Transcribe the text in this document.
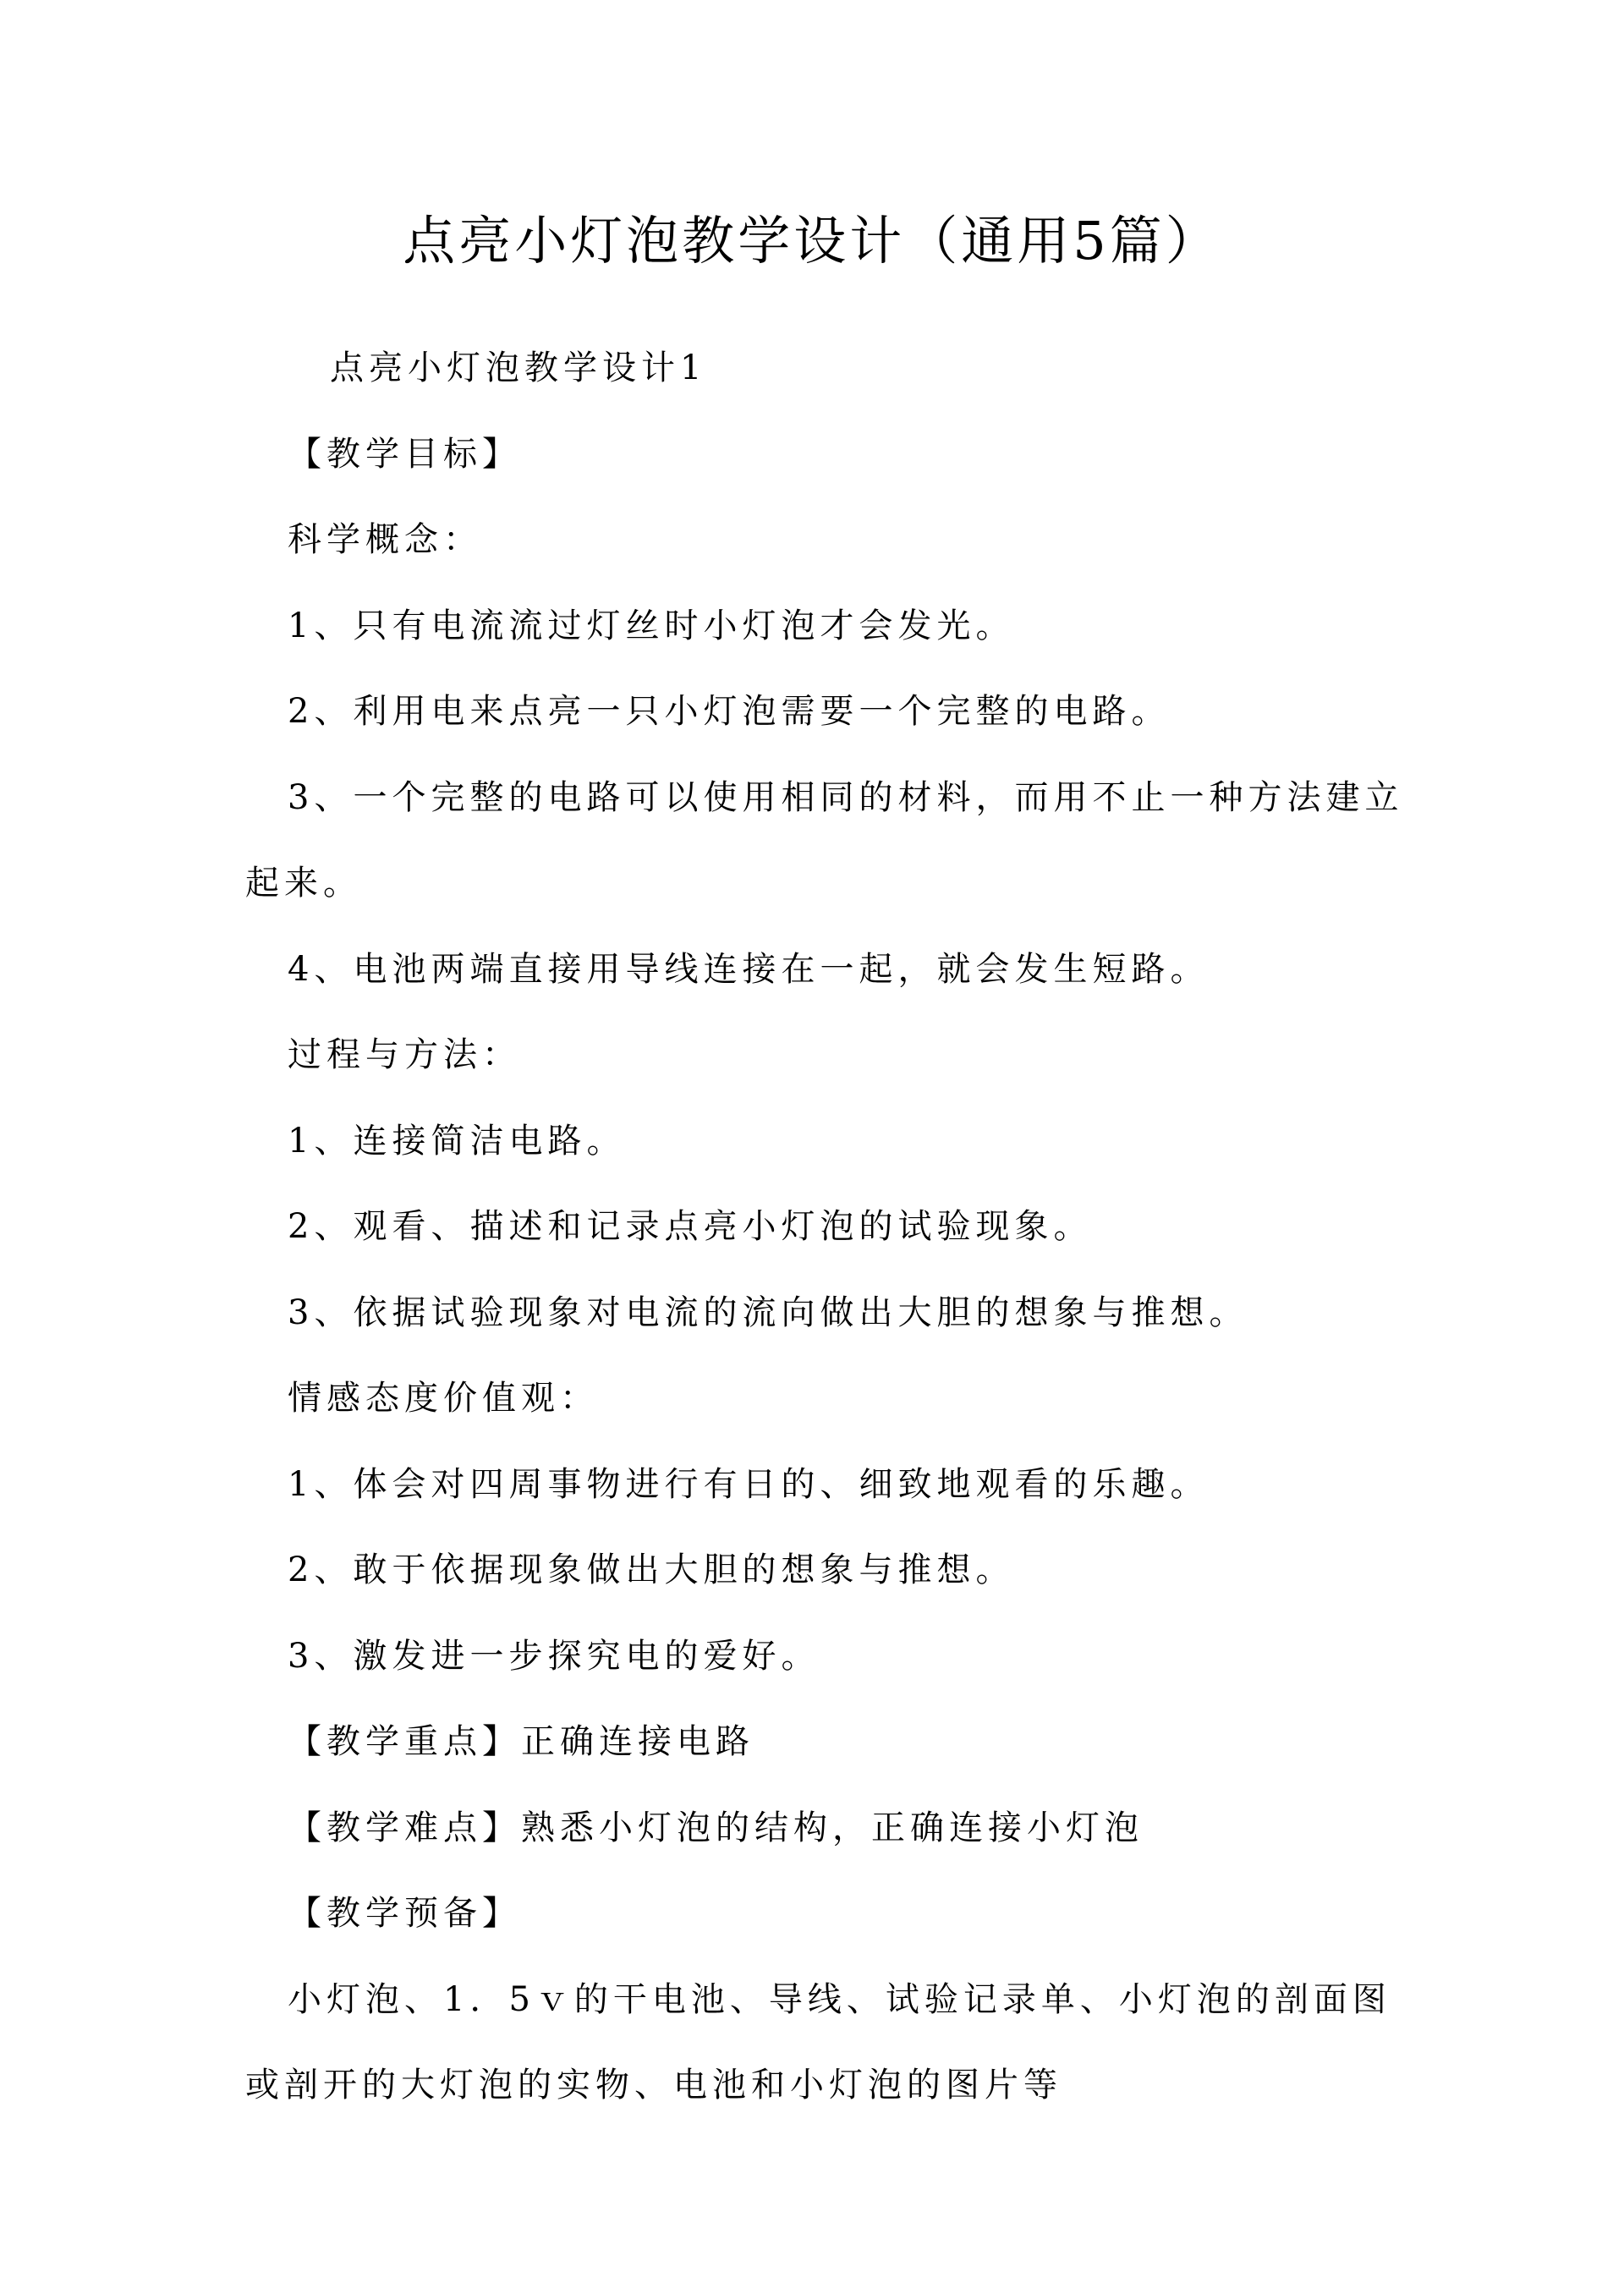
点亮小灯泡教学设计（通用5篇）
点亮小灯泡教学设计1
【教学目标】
科学概念：
1、只有电流流过灯丝时小灯泡才会发光。
2、利用电来点亮一只小灯泡需要一个完整的电路。
3、一个完整的电路可以使用相同的材料，而用不止一种方法建立
起来。
4、电池两端直接用导线连接在一起，就会发生短路。
过程与方法：
1、连接简洁电路。
2、观看、描述和记录点亮小灯泡的试验现象。
3、依据试验现象对电流的流向做出大胆的想象与推想。
情感态度价值观：
1、体会对四周事物进行有日的、细致地观看的乐趣。
2、敢于依据现象做出大胆的想象与推想。
3、激发进一步探究电的爱好。
【教学重点】正确连接电路
【教学难点】熟悉小灯泡的结构，正确连接小灯泡
【教学预备】
小灯泡、1．5ｖ的干电池、导线、试验记录单、小灯泡的剖面图
或剖开的大灯泡的实物、电池和小灯泡的图片等
